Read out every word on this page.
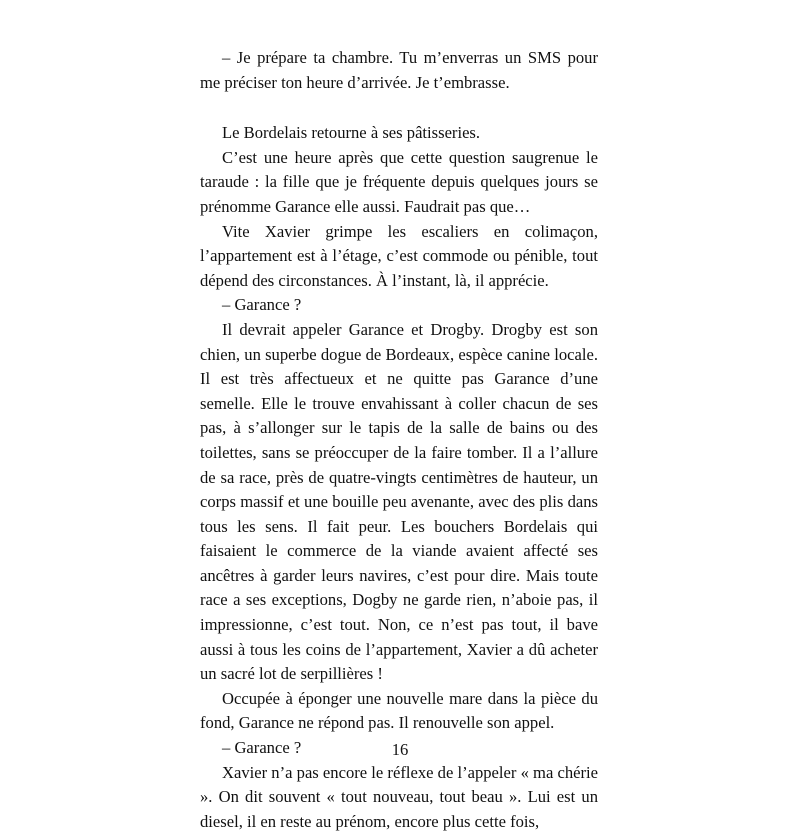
– Je prépare ta chambre. Tu m’enverras un SMS pour me préciser ton heure d’arrivée. Je t’embrasse.

Le Bordelais retourne à ses pâtisseries.

C’est une heure après que cette question saugrenue le taraude : la fille que je fréquente depuis quelques jours se prénomme Garance elle aussi. Faudrait pas que…

Vite Xavier grimpe les escaliers en colimaçon, l’appartement est à l’étage, c’est commode ou pénible, tout dépend des circonstances. À l’instant, là, il apprécie.

– Garance ?

Il devrait appeler Garance et Drogby. Drogby est son chien, un superbe dogue de Bordeaux, espèce canine locale. Il est très affectueux et ne quitte pas Garance d’une semelle. Elle le trouve envahissant à coller chacun de ses pas, à s’allonger sur le tapis de la salle de bains ou des toilettes, sans se préoccuper de la faire tomber. Il a l’allure de sa race, près de quatre-vingts centimètres de hauteur, un corps massif et une bouille peu avenante, avec des plis dans tous les sens. Il fait peur. Les bouchers Bordelais qui faisaient le commerce de la viande avaient affecté ses ancêtres à garder leurs navires, c’est pour dire. Mais toute race a ses exceptions, Dogby ne garde rien, n’aboie pas, il impressionne, c’est tout. Non, ce n’est pas tout, il bave aussi à tous les coins de l’appartement, Xavier a dû acheter un sacré lot de serpillières !

Occupée à éponger une nouvelle mare dans la pièce du fond, Garance ne répond pas. Il renouvelle son appel.

– Garance ?

Xavier n’a pas encore le réflexe de l’appeler « ma chérie ». On dit souvent « tout nouveau, tout beau ». Lui est un diesel, il en reste au prénom, encore plus cette fois,

16
